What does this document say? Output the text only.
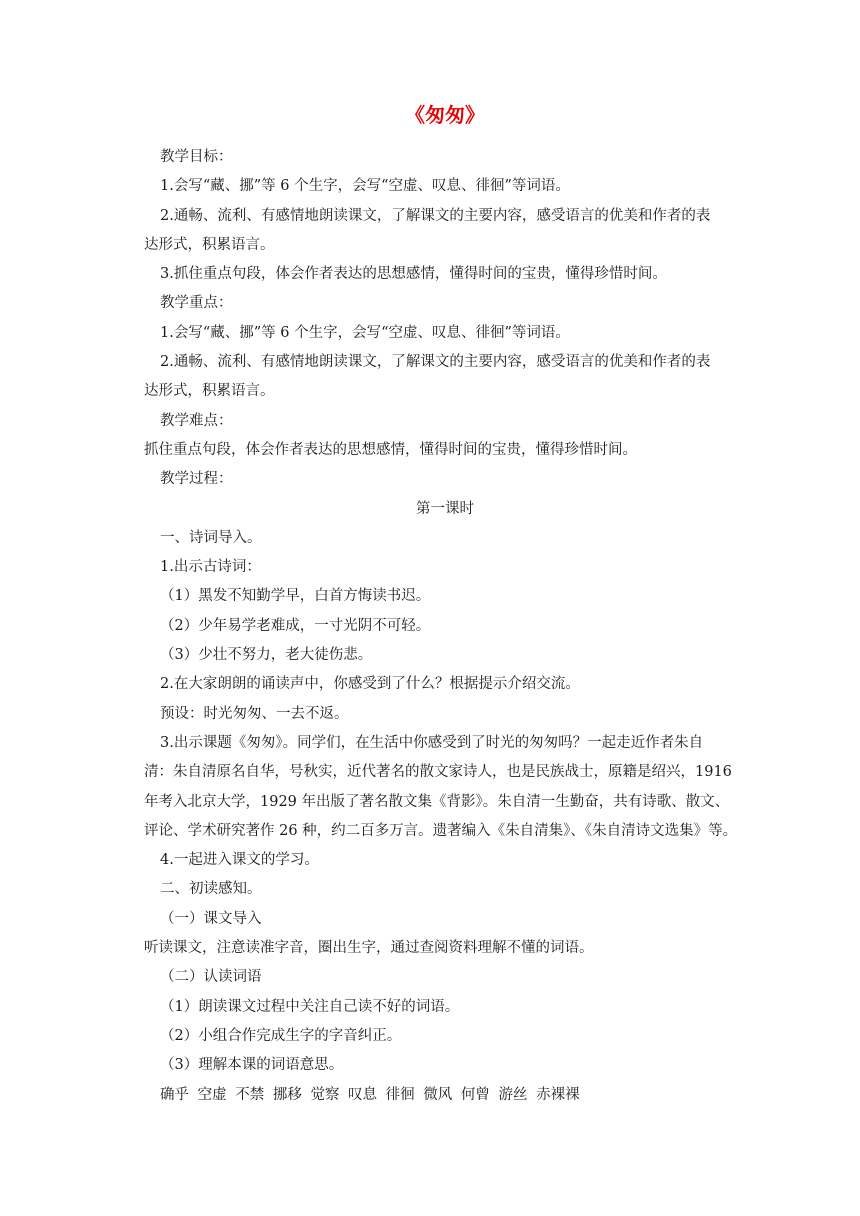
《匆匆》
教学目标：
1.会写“藏、挪”等 6 个生字，会写“空虚、叹息、徘徊”等词语。
2.通畅、流利、有感情地朗读课文，了解课文的主要内容，感受语言的优美和作者的表
达形式，积累语言。
3.抓住重点句段，体会作者表达的思想感情，懂得时间的宝贵，懂得珍惜时间。
教学重点：
1.会写“藏、挪”等 6 个生字，会写“空虚、叹息、徘徊”等词语。
2.通畅、流利、有感情地朗读课文，了解课文的主要内容，感受语言的优美和作者的表
达形式，积累语言。
教学难点：
抓住重点句段，体会作者表达的思想感情，懂得时间的宝贵，懂得珍惜时间。
教学过程：
第一课时
一、诗词导入。
1.出示古诗词：
（1）黑发不知勤学早，白首方悔读书迟。
（2）少年易学老难成，一寸光阴不可轻。
（3）少壮不努力，老大徒伤悲。
2.在大家朗朗的诵读声中，你感受到了什么？根据提示介绍交流。
预设：时光匆匆、一去不返。
3.出示课题《匆匆》。同学们，在生活中你感受到了时光的匆匆吗？一起走近作者朱自
清：朱自清原名自华，号秋实，近代著名的散文家诗人，也是民族战士，原籍是绍兴，1916
年考入北京大学，1929 年出版了著名散文集《背影》。朱自清一生勤奋，共有诗歌、散文、
评论、学术研究著作 26 种，约二百多万言。遗著编入《朱自清集》、《朱自清诗文选集》等。
4.一起进入课文的学习。
二、初读感知。
（一）课文导入
听读课文，注意读准字音，圈出生字，通过查阅资料理解不懂的词语。
（二）认读词语
（1）朗读课文过程中关注自己读不好的词语。
（2）小组合作完成生字的字音纠正。
（3）理解本课的词语意思。
确乎 空虚 不禁 挪移 觉察 叹息 徘徊 微风 何曾 游丝 赤裸裸
